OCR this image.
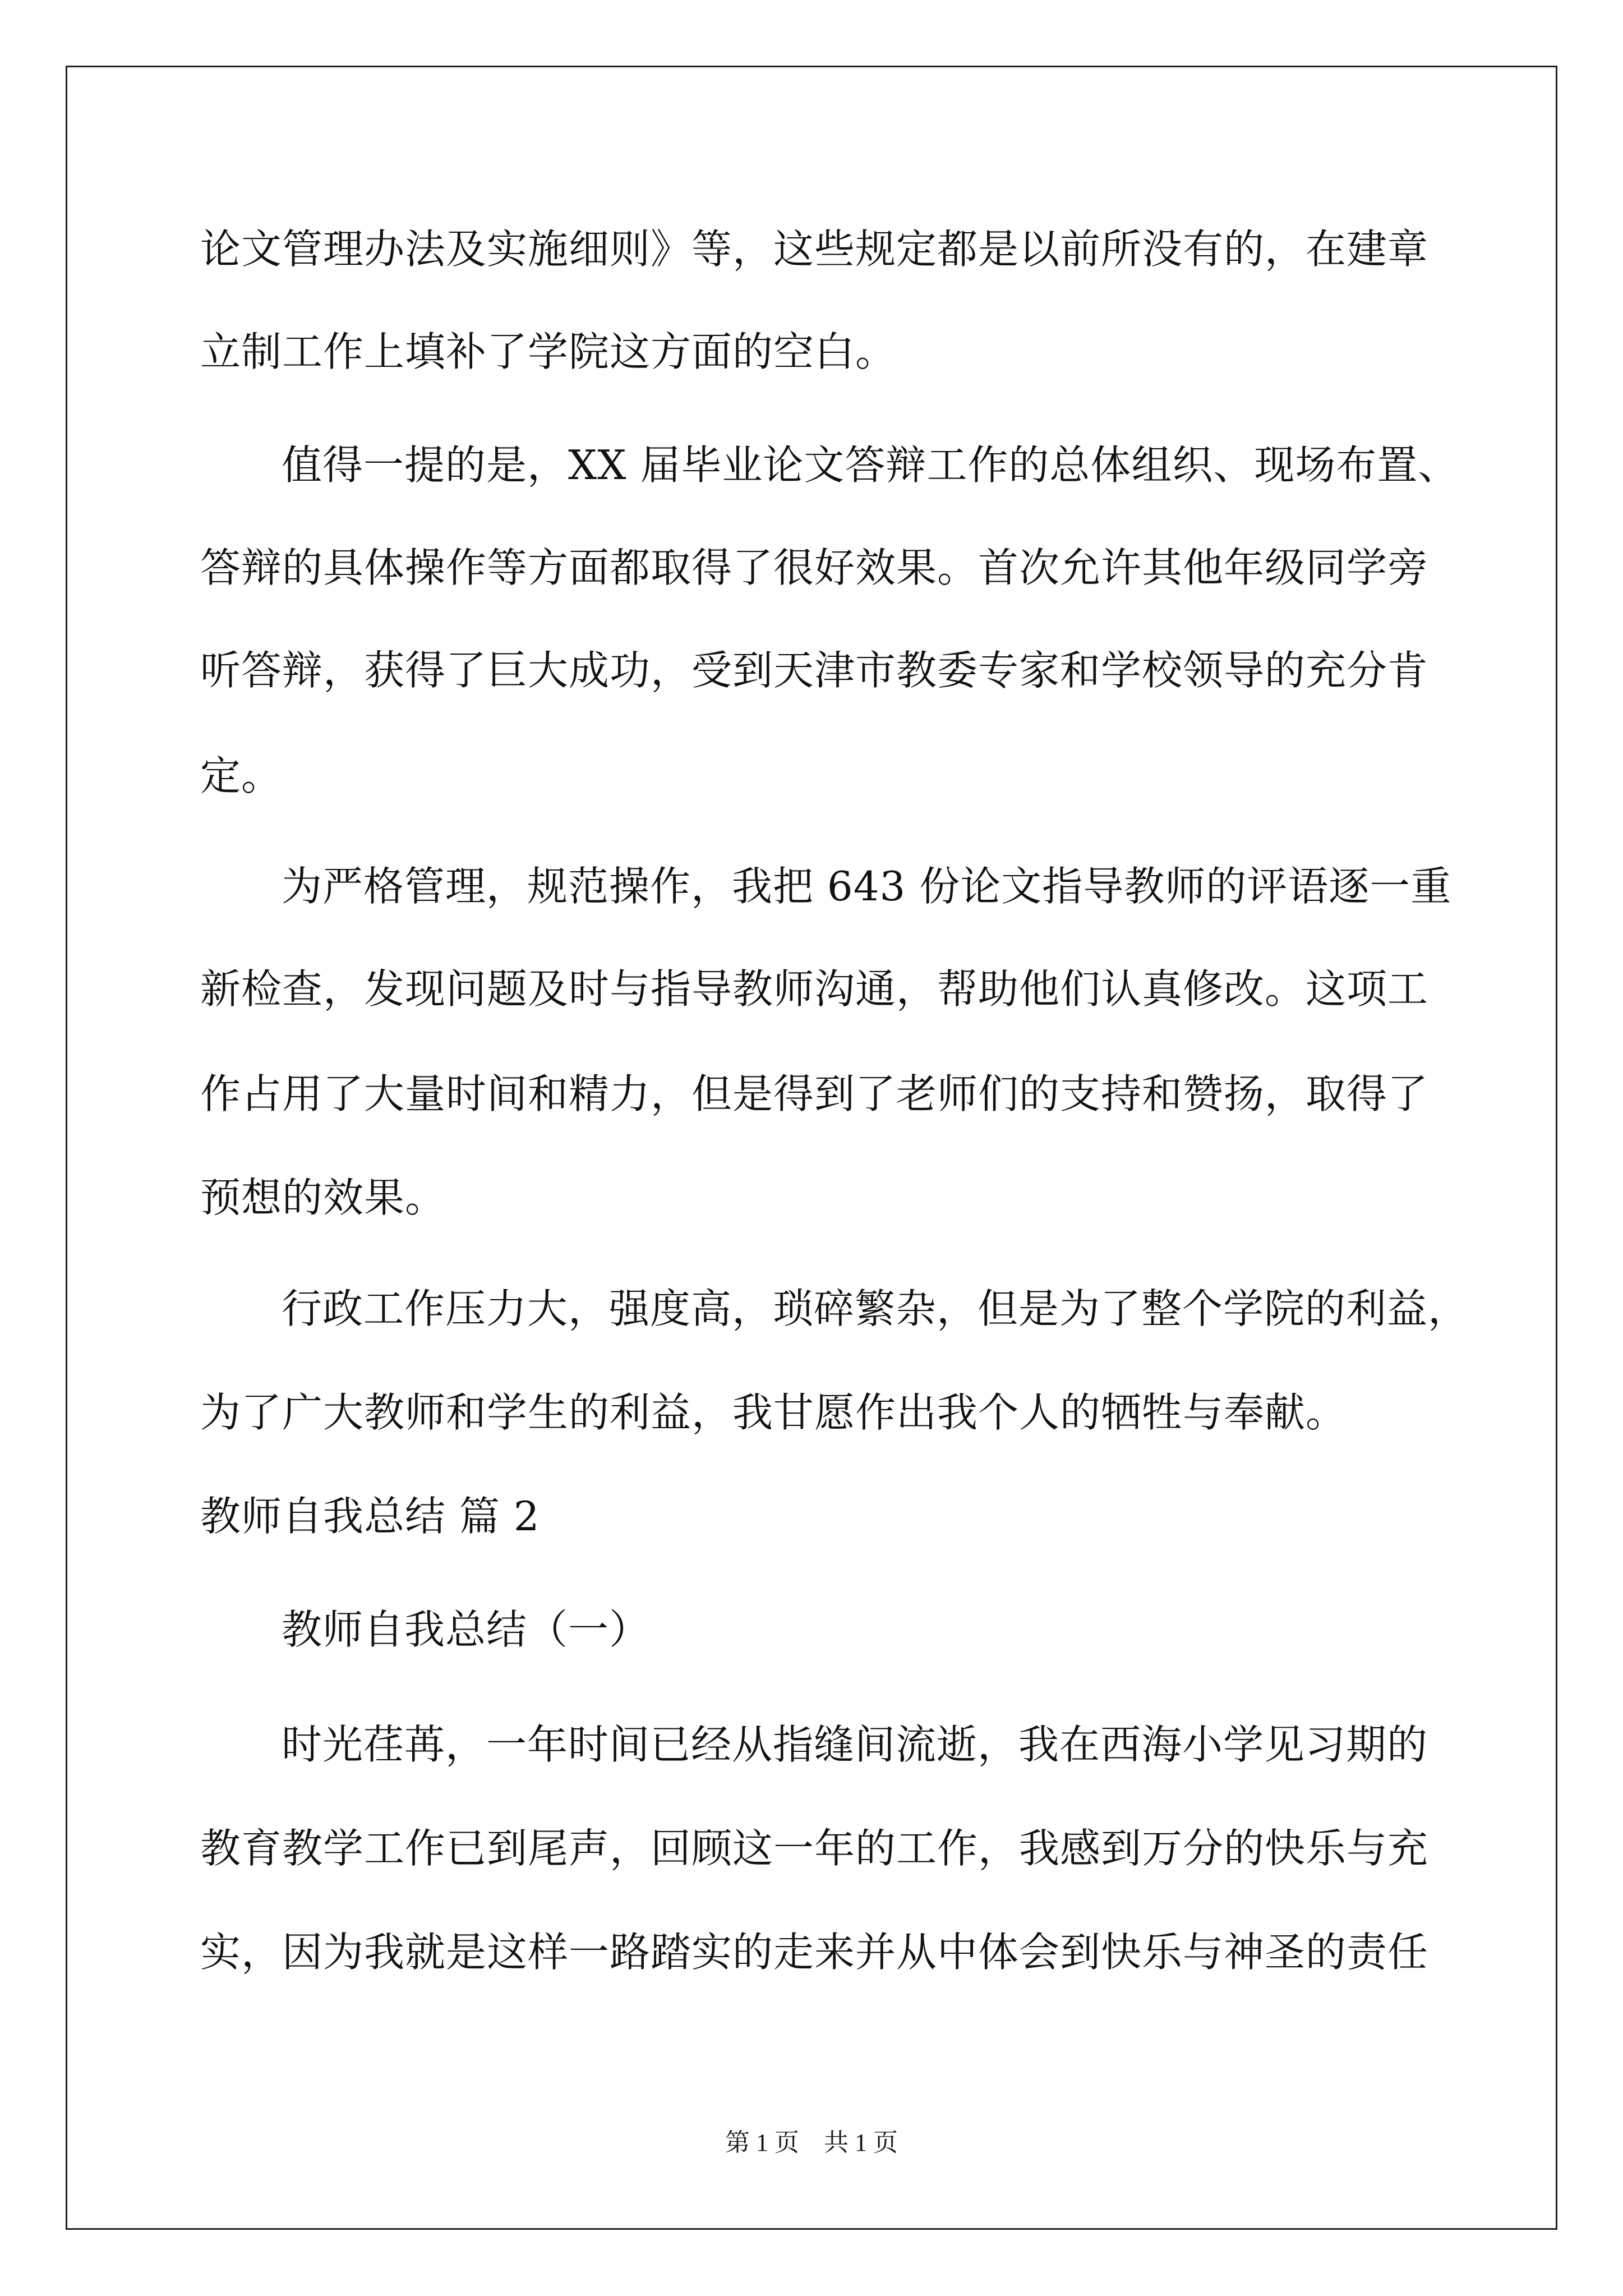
论文管理办法及实施细则》等，这些规定都是以前所没有的，在建章
立制工作上填补了学院这方面的空白。
值得一提的是，XX 届毕业论文答辩工作的总体组织、现场布置、
答辩的具体操作等方面都取得了很好效果。首次允许其他年级同学旁
听答辩，获得了巨大成功，受到天津市教委专家和学校领导的充分肯
定。
为严格管理，规范操作，我把 643 份论文指导教师的评语逐一重
新检查，发现问题及时与指导教师沟通，帮助他们认真修改。这项工
作占用了大量时间和精力，但是得到了老师们的支持和赞扬，取得了
预想的效果。
行政工作压力大，强度高，琐碎繁杂，但是为了整个学院的利益，
为了广大教师和学生的利益，我甘愿作出我个人的牺牲与奉献。
教师自我总结 篇 2
教师自我总结（一）
时光荏苒，一年时间已经从指缝间流逝，我在西海小学见习期的
教育教学工作已到尾声，回顾这一年的工作，我感到万分的快乐与充
实，因为我就是这样一路踏实的走来并从中体会到快乐与神圣的责任
第 1 页　共 1 页
